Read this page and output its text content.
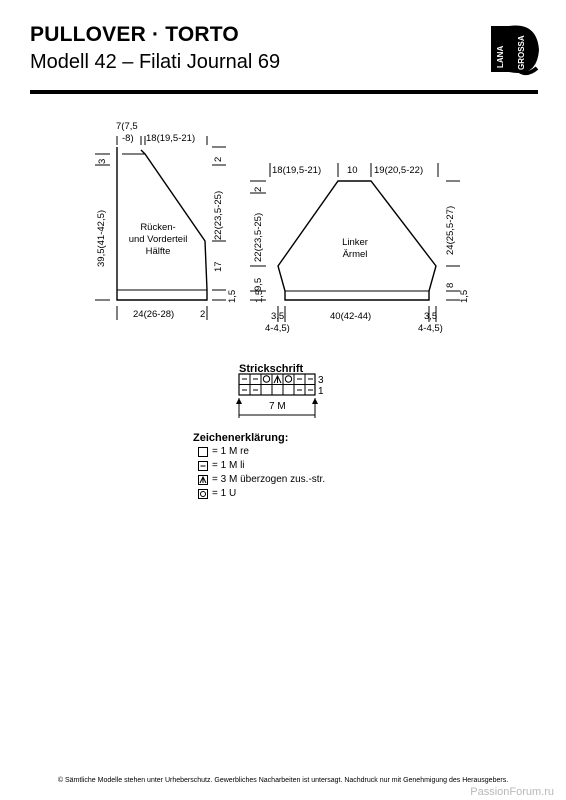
PULLOVER · TORTO
Modell 42 – Filati Journal 69	LANA GROSSA
7(7,5
-8) 18(19,5-21)
3
39,5(41-42,5)
2
22(23,5-25)
17
1,5
Rücken-
und Vorderteil
Hälfte
24(26-28)	2
18(19,5-21)	10 19(20,5-22)
2
22(23,5-25)
9,5
1,5
24(25,5-27)
8
1,5
Linker
Ärmel
3,5
4-4,5)
40(42-44)	3,5
4-4,5)
Strickschrift
3
1
7 M
Zeichenerklärung:
= 1 M re
= 1 M li
= 3 M überzogen zus.-str.
= 1 U
© Sämtliche Modelle stehen unter Urheberschutz. Gewerbliches Nacharbeiten ist untersagt. Nachdruck nur mit Genehmigung des Herausgebers.
PassionForum.ru
